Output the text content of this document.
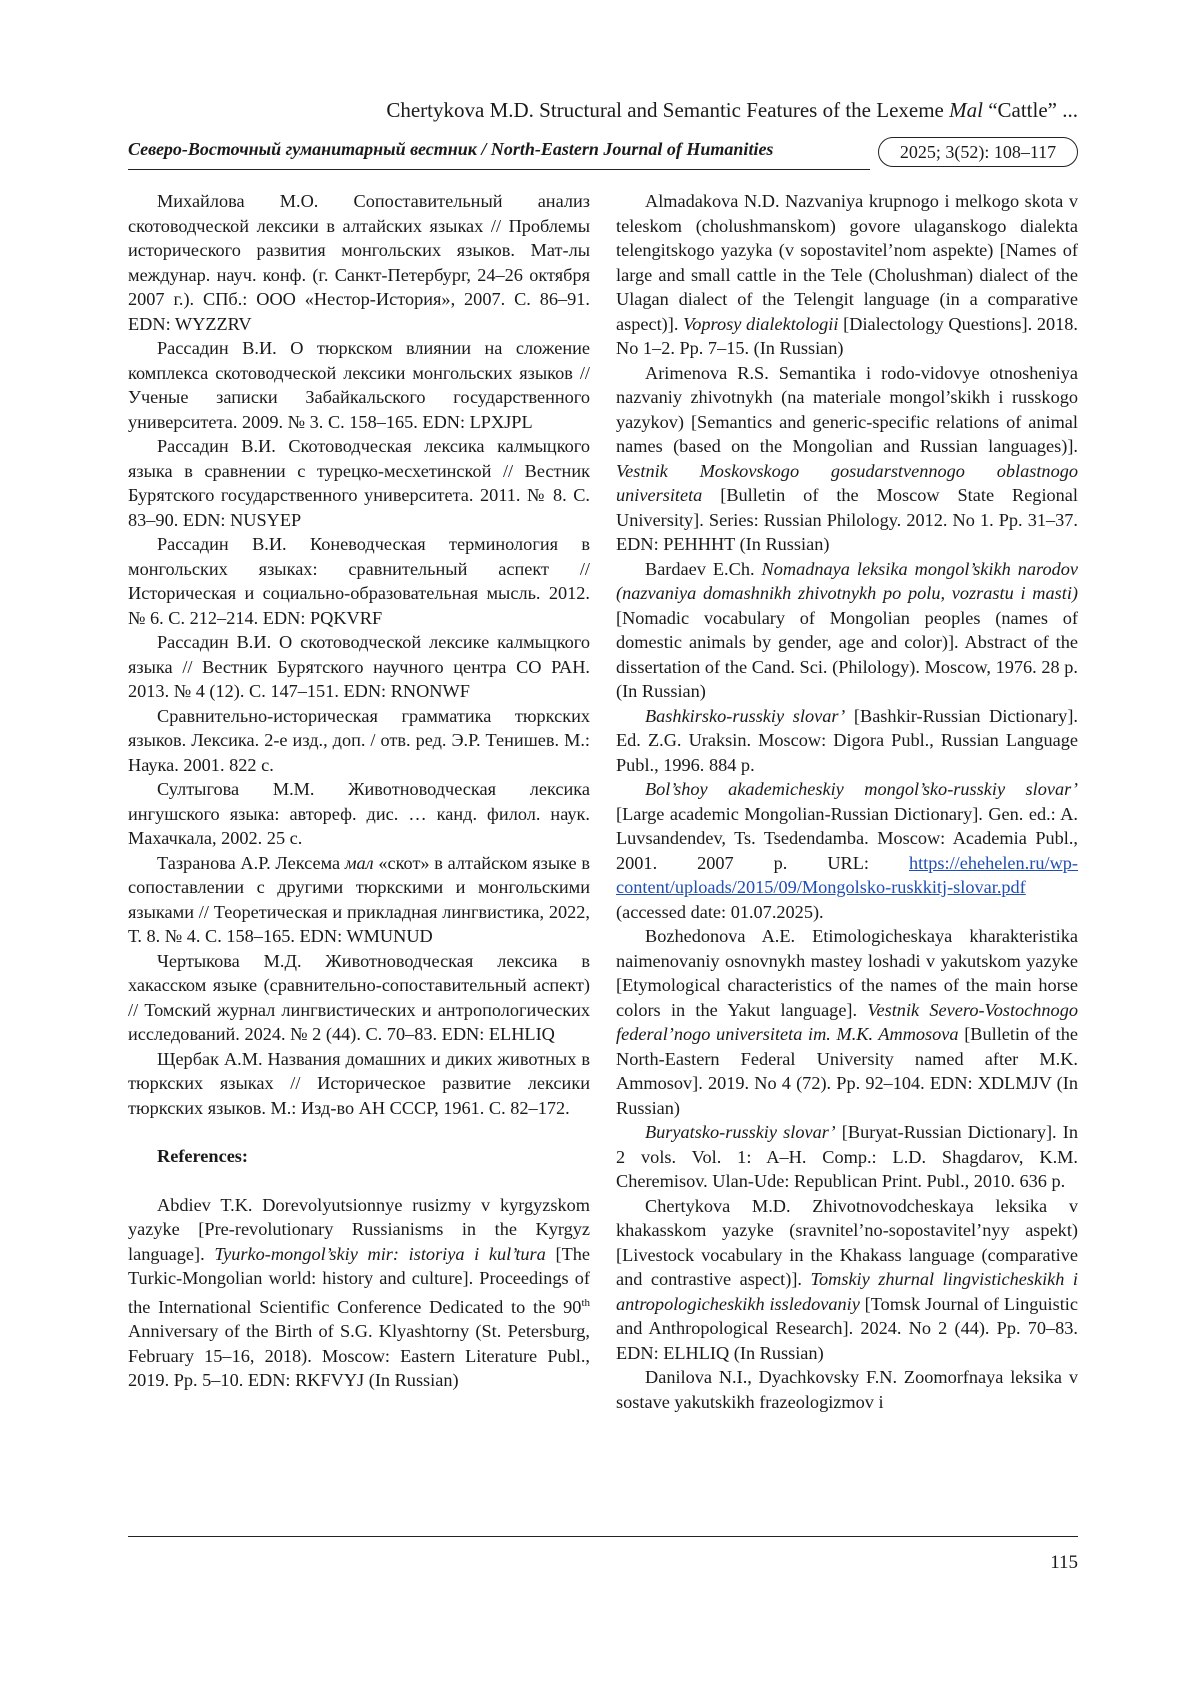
Chertykova M.D. Structural and Semantic Features of the Lexeme Mal “Cattle” ...
Северо-Восточный гуманитарный вестник / North-Eastern Journal of Humanities	2025; 3(52): 108–117

Михайлова М.О. Сопоставительный анализ скотоводческой лексики в алтайских языках // Проблемы исторического развития монгольских языков. Мат-лы междунар. науч. конф. (г. Санкт-Петербург, 24–26 октября 2007 г.). СПб.: ООО «Нестор-История», 2007. С. 86–91. EDN: WYZZRV

Рассадин В.И. О тюркском влиянии на сложение комплекса скотоводческой лексики монгольских языков // Ученые записки Забайкальского государственного университета. 2009. № 3. С. 158–165. EDN: LPXJPL

Рассадин В.И. Скотоводческая лексика калмыцкого языка в сравнении с турецко-месхетинской // Вестник Бурятского государственного университета. 2011. № 8. С. 83–90. EDN: NUSYEP

Рассадин В.И. Коневодческая терминология в монгольских языках: сравнительный аспект // Историческая и социально-образовательная мысль. 2012. № 6. С. 212–214. EDN: PQKVRF

Рассадин В.И. О скотоводческой лексике калмыцкого языка // Вестник Бурятского научного центра СО РАН. 2013. № 4 (12). С. 147–151. EDN: RNONWF

Сравнительно-историческая грамматика тюркских языков. Лексика. 2-е изд., доп. / отв. ред. Э.Р. Тенишев. М.: Наука. 2001. 822 с.

Султыгова М.М. Животноводческая лексика ингушского языка: автореф. дис. … канд. филол. наук. Махачкала, 2002. 25 с.

Тазранова А.Р. Лексема мал «скот» в алтайском языке в сопоставлении с другими тюркскими и монгольскими языками // Теоретическая и прикладная лингвистика, 2022, Т. 8. № 4. С. 158–165. EDN: WMUNUD

Чертыкова М.Д. Животноводческая лексика в хакасском языке (сравнительно-сопоставительный аспект) // Томский журнал лингвистических и антропологических исследований. 2024. № 2 (44). С. 70–83. EDN: ELHLIQ

Щербак А.М. Названия домашних и диких животных в тюркских языках // Историческое развитие лексики тюркских языков. М.: Изд-во АН СССР, 1961. С. 82–172.

References:

Abdiev T.K. Dorevolyutsionnye rusizmy v kyrgyzskom yazyke [Pre-revolutionary Russianisms in the Kyrgyz language]. Tyurko-mongol’skiy mir: istoriya i kul’tura [The Turkic-Mongolian world: history and culture]. Proceedings of the International Scientific Conference Dedicated to the 90th Anniversary of the Birth of S.G. Klyashtorny (St. Petersburg, February 15–16, 2018). Moscow: Eastern Literature Publ., 2019. Pp. 5–10. EDN: RKFVYJ (In Russian)

Almadakova N.D. Nazvaniya krupnogo i melkogo skota v teleskom (cholushmanskom) govore ulaganskogo dialekta telengitskogo yazyka (v sopostavitel’nom aspekte) [Names of large and small cattle in the Tele (Cholushman) dialect of the Ulagan dialect of the Telengit language (in a comparative aspect)]. Voprosy dialektologii [Dialectology Questions]. 2018. No 1–2. Pp. 7–15. (In Russian)

Arimenova R.S. Semantika i rodo-vidovye otnosheniya nazvaniy zhivotnykh (na materiale mongol’skikh i russkogo yazykov) [Semantics and generic-specific relations of animal names (based on the Mongolian and Russian languages)]. Vestnik Moskovskogo gosudarstvennogo oblastnogo universiteta [Bulletin of the Moscow State Regional University]. Series: Russian Philology. 2012. No 1. Pp. 31–37. EDN: PEHHHT (In Russian)

Bardaev E.Ch. Nomadnaya leksika mongol’skikh narodov (nazvaniya domashnikh zhivotnykh po polu, vozrastu i masti) [Nomadic vocabulary of Mongolian peoples (names of domestic animals by gender, age and color)]. Abstract of the dissertation of the Cand. Sci. (Philology). Moscow, 1976. 28 p. (In Russian)

Bashkirsko-russkiy slovar’ [Bashkir-Russian Dictionary]. Ed. Z.G. Uraksin. Moscow: Digora Publ., Russian Language Publ., 1996. 884 p.

Bol’shoy akademicheskiy mongol’sko-russkiy slovar’ [Large academic Mongolian-Russian Dictionary]. Gen. ed.: A. Luvsandendev, Ts. Tsedendamba. Moscow: Academia Publ., 2001. 2007 p. URL: https://ehehelen.ru/wp-content/uploads/2015/09/Mongolsko-ruskkitj-slovar.pdf (accessed date: 01.07.2025).

Bozhedonova A.E. Etimologicheskaya kharakteristika naimenovaniy osnovnykh mastey loshadi v yakutskom yazyke [Etymological characteristics of the names of the main horse colors in the Yakut language]. Vestnik Severo-Vostochnogo federal’nogo universiteta im. M.K. Ammosova [Bulletin of the North-Eastern Federal University named after M.K. Ammosov]. 2019. No 4 (72). Pp. 92–104. EDN: XDLMJV (In Russian)

Buryatsko-russkiy slovar’ [Buryat-Russian Dictionary]. In 2 vols. Vol. 1: A–H. Comp.: L.D. Shagdarov, K.M. Cheremisov. Ulan-Ude: Republican Print. Publ., 2010. 636 p.

Chertykova M.D. Zhivotnovodcheskaya leksika v khakasskom yazyke (sravnitel’no-sopostavitel’nyy aspekt) [Livestock vocabulary in the Khakass language (comparative and contrastive aspect)]. Tomskiy zhurnal lingvisticheskikh i antropologicheskikh issledovaniy [Tomsk Journal of Linguistic and Anthropological Research]. 2024. No 2 (44). Pp. 70–83. EDN: ELHLIQ (In Russian)

Danilova N.I., Dyachkovsky F.N. Zoomorfnaya leksika v sostave yakutskikh frazeologizmov i

115
